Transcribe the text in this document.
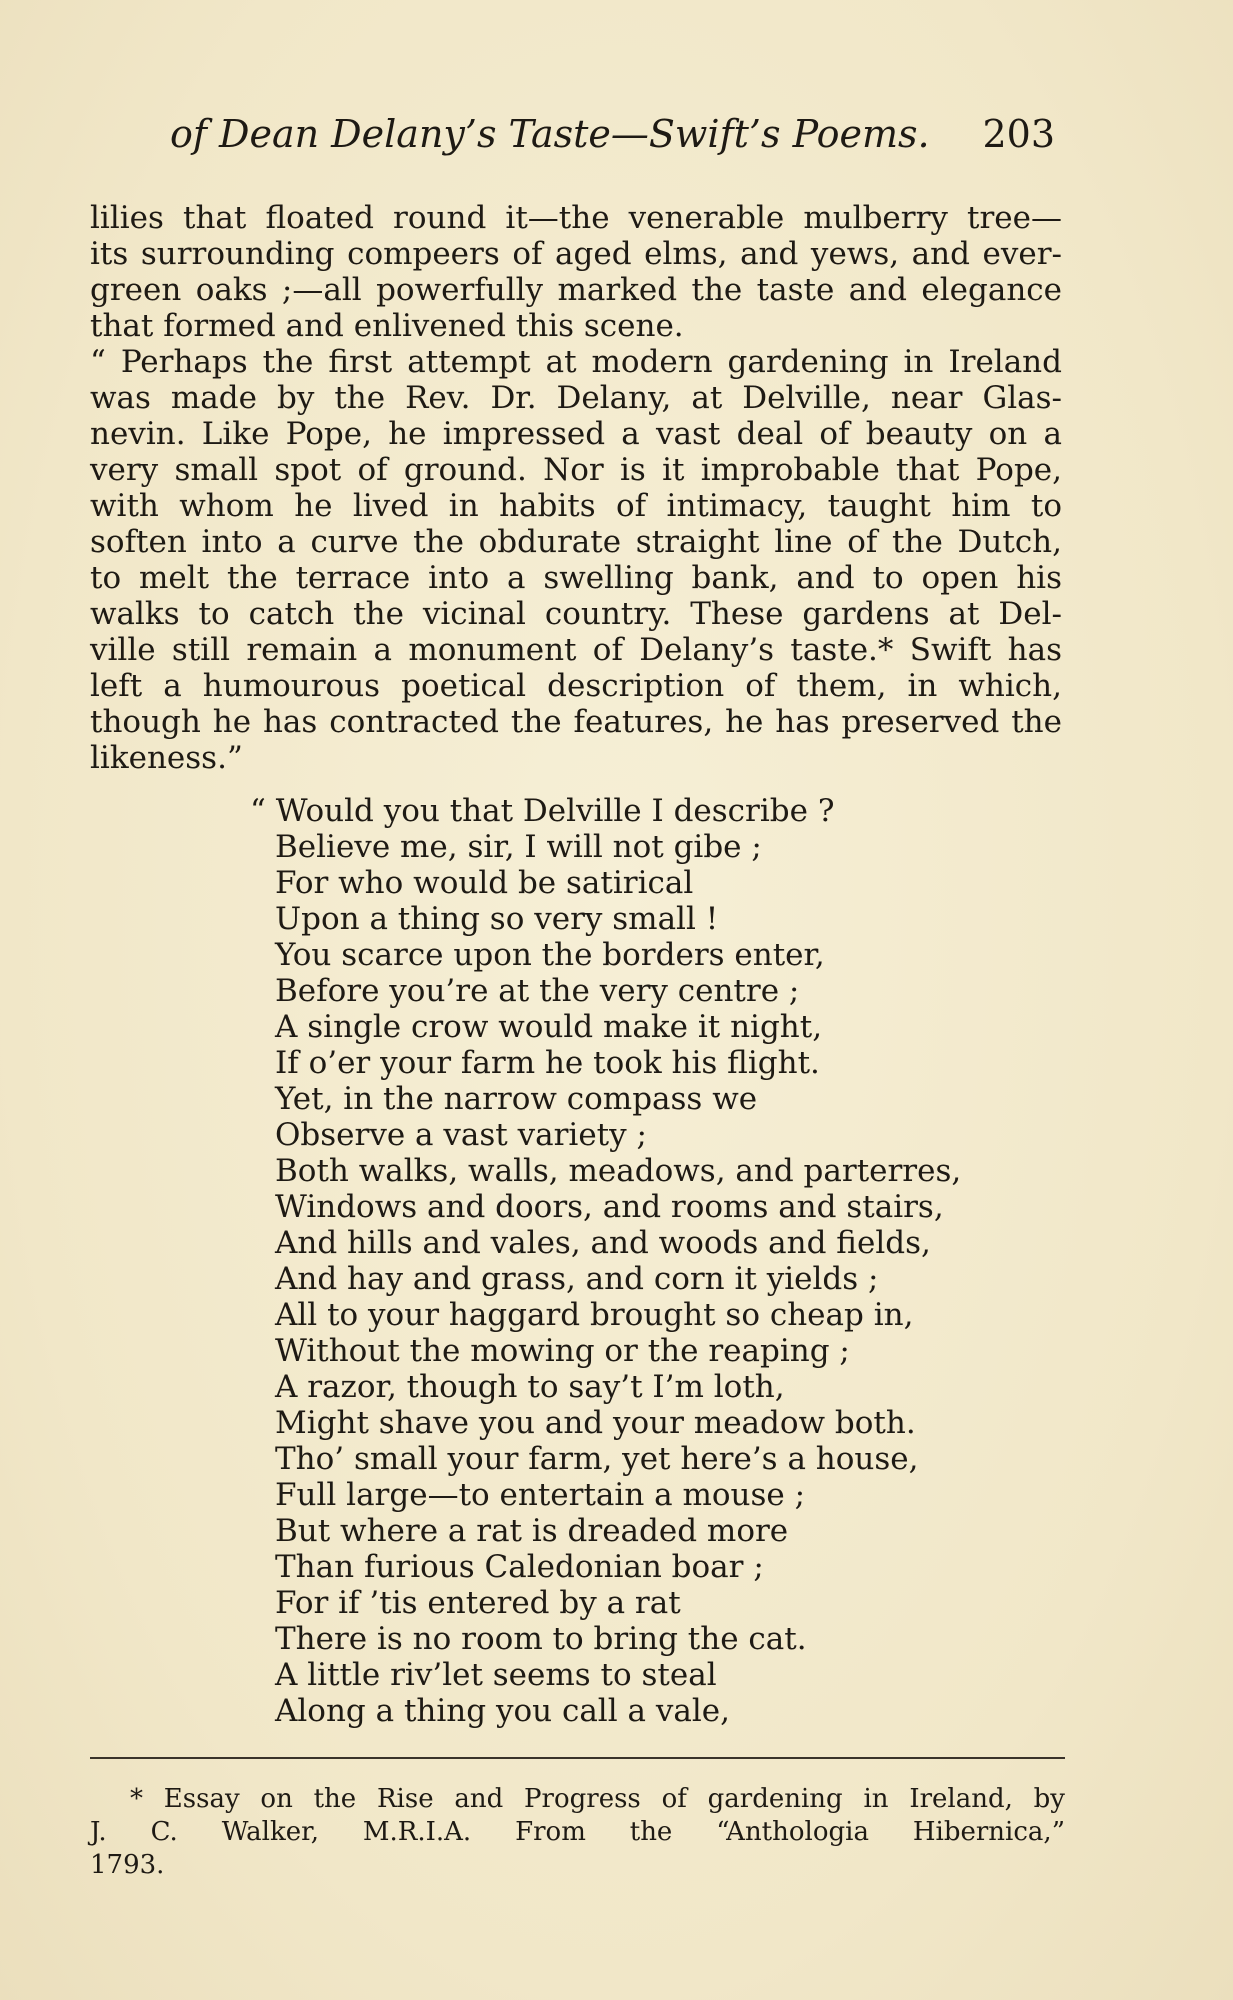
of Dean Delany’s Taste—Swift’s Poems. 203
lilies that floated round it—the venerable mulberry tree—
its surrounding compeers of aged elms, and yews, and ever-
green oaks ;—all powerfully marked the taste and elegance
that formed and enlivened this scene.
“ Perhaps the first attempt at modern gardening in Ireland
was made by the Rev. Dr. Delany, at Delville, near Glas-
nevin. Like Pope, he impressed a vast deal of beauty on a
very small spot of ground. Nor is it improbable that Pope,
with whom he lived in habits of intimacy, taught him to
soften into a curve the obdurate straight line of the Dutch,
to melt the terrace into a swelling bank, and to open his
walks to catch the vicinal country. These gardens at Del-
ville still remain a monument of Delany’s taste.* Swift has
left a humourous poetical description of them, in which,
though he has contracted the features, he has preserved the
likeness.”
“ Would you that Delville I describe ?
Believe me, sir, I will not gibe ;
For who would be satirical
Upon a thing so very small !
You scarce upon the borders enter,
Before you’re at the very centre ;
A single crow would make it night,
If o’er your farm he took his flight.
Yet, in the narrow compass we
Observe a vast variety ;
Both walks, walls, meadows, and parterres,
Windows and doors, and rooms and stairs,
And hills and vales, and woods and fields,
And hay and grass, and corn it yields ;
All to your haggard brought so cheap in,
Without the mowing or the reaping ;
A razor, though to say’t I’m loth,
Might shave you and your meadow both.
Tho’ small your farm, yet here’s a house,
Full large—to entertain a mouse ;
But where a rat is dreaded more
Than furious Caledonian boar ;
For if ’tis entered by a rat
There is no room to bring the cat.
A little riv’let seems to steal
Along a thing you call a vale,
* Essay on the Rise and Progress of gardening in Ireland, by
J. C. Walker, M.R.I.A. From the “Anthologia Hibernica,”
1793.
